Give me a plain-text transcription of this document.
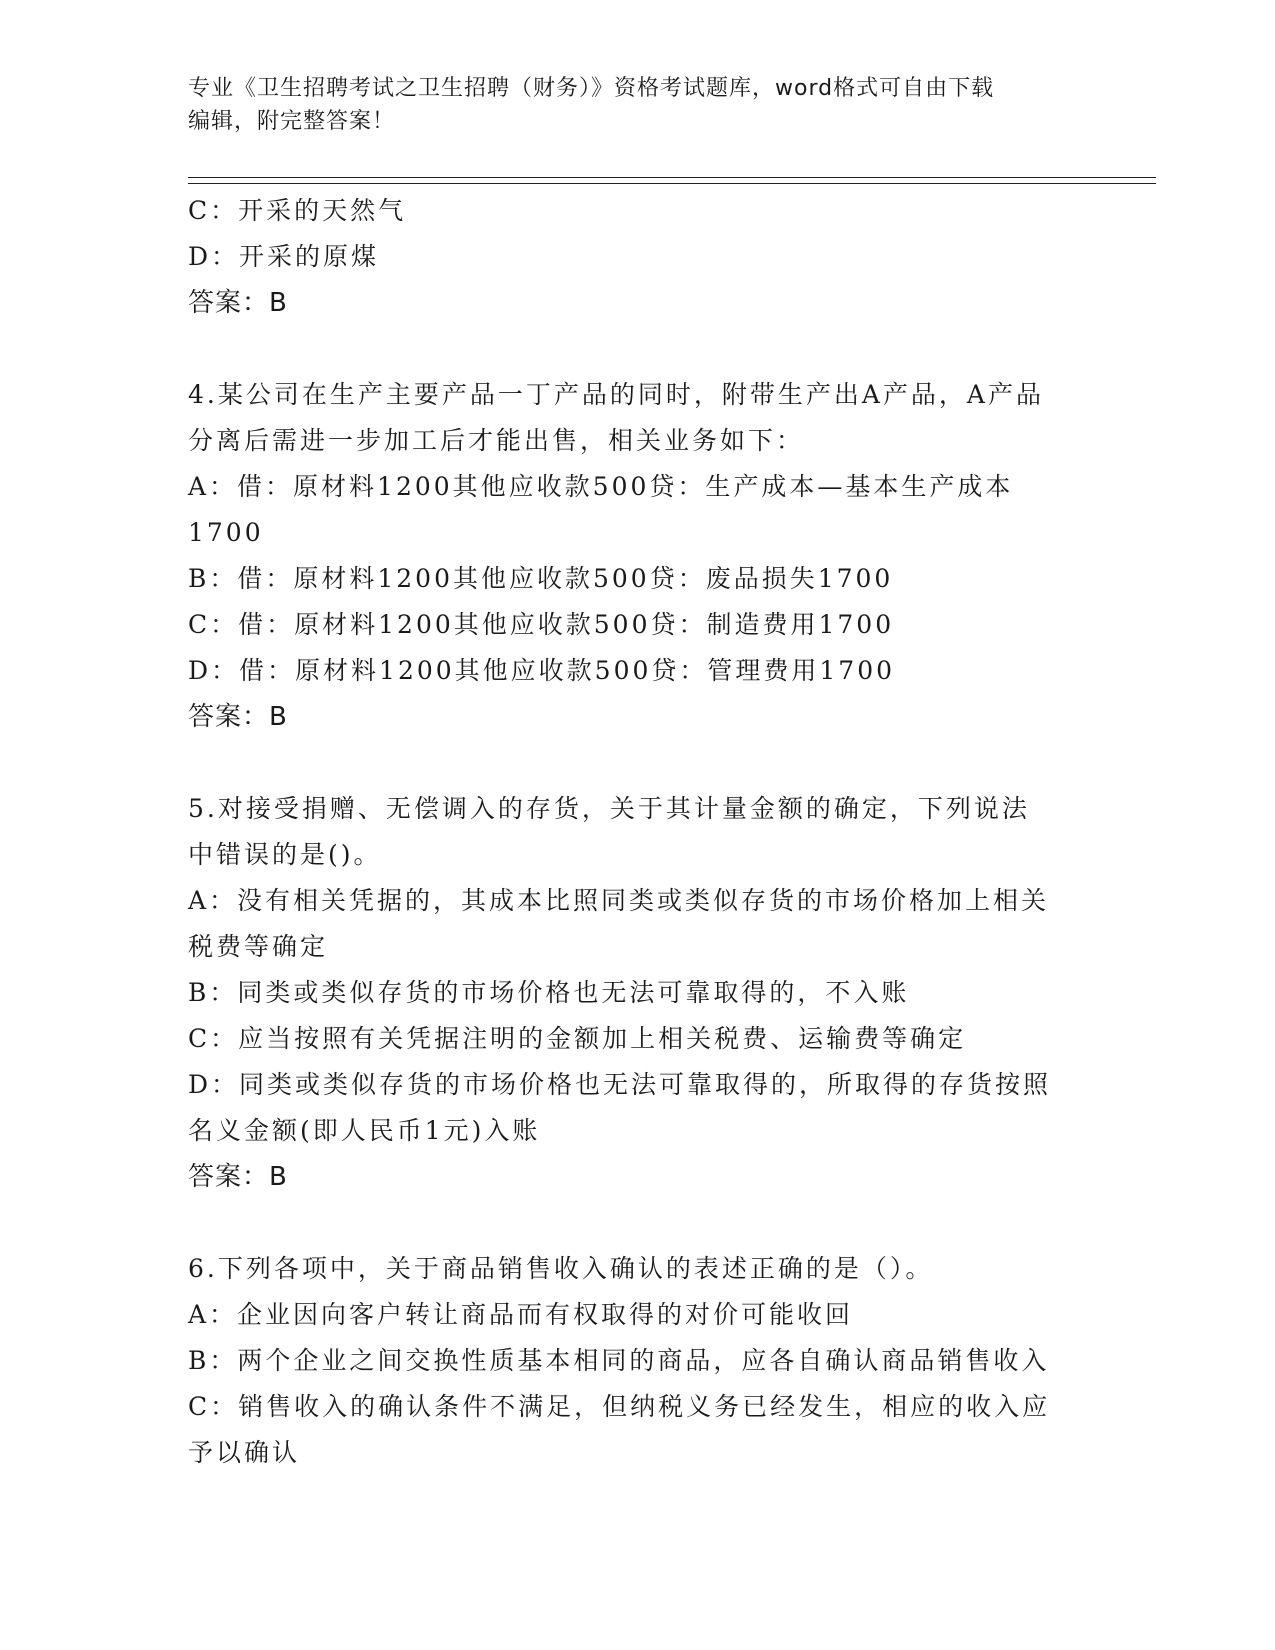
专业《卫生招聘考试之卫生招聘（财务）》资格考试题库，word格式可自由下载
编辑，附完整答案！
C：开采的天然气
D：开采的原煤
答案：B
4.某公司在生产主要产品一丁产品的同时，附带生产出A产品，A产品
分离后需进一步加工后才能出售，相关业务如下：
A：借：原材料1200其他应收款500贷：生产成本—基本生产成本
1700
B：借：原材料1200其他应收款500贷：废品损失1700
C：借：原材料1200其他应收款500贷：制造费用1700
D：借：原材料1200其他应收款500贷：管理费用1700
答案：B
5.对接受捐赠、无偿调入的存货，关于其计量金额的确定，下列说法
中错误的是()。
A：没有相关凭据的，其成本比照同类或类似存货的市场价格加上相关
税费等确定
B：同类或类似存货的市场价格也无法可靠取得的，不入账
C：应当按照有关凭据注明的金额加上相关税费、运输费等确定
D：同类或类似存货的市场价格也无法可靠取得的，所取得的存货按照
名义金额(即人民币1元)入账
答案：B
6.下列各项中，关于商品销售收入确认的表述正确的是（）。
A：企业因向客户转让商品而有权取得的对价可能收回
B：两个企业之间交换性质基本相同的商品，应各自确认商品销售收入
C：销售收入的确认条件不满足，但纳税义务已经发生，相应的收入应
予以确认
